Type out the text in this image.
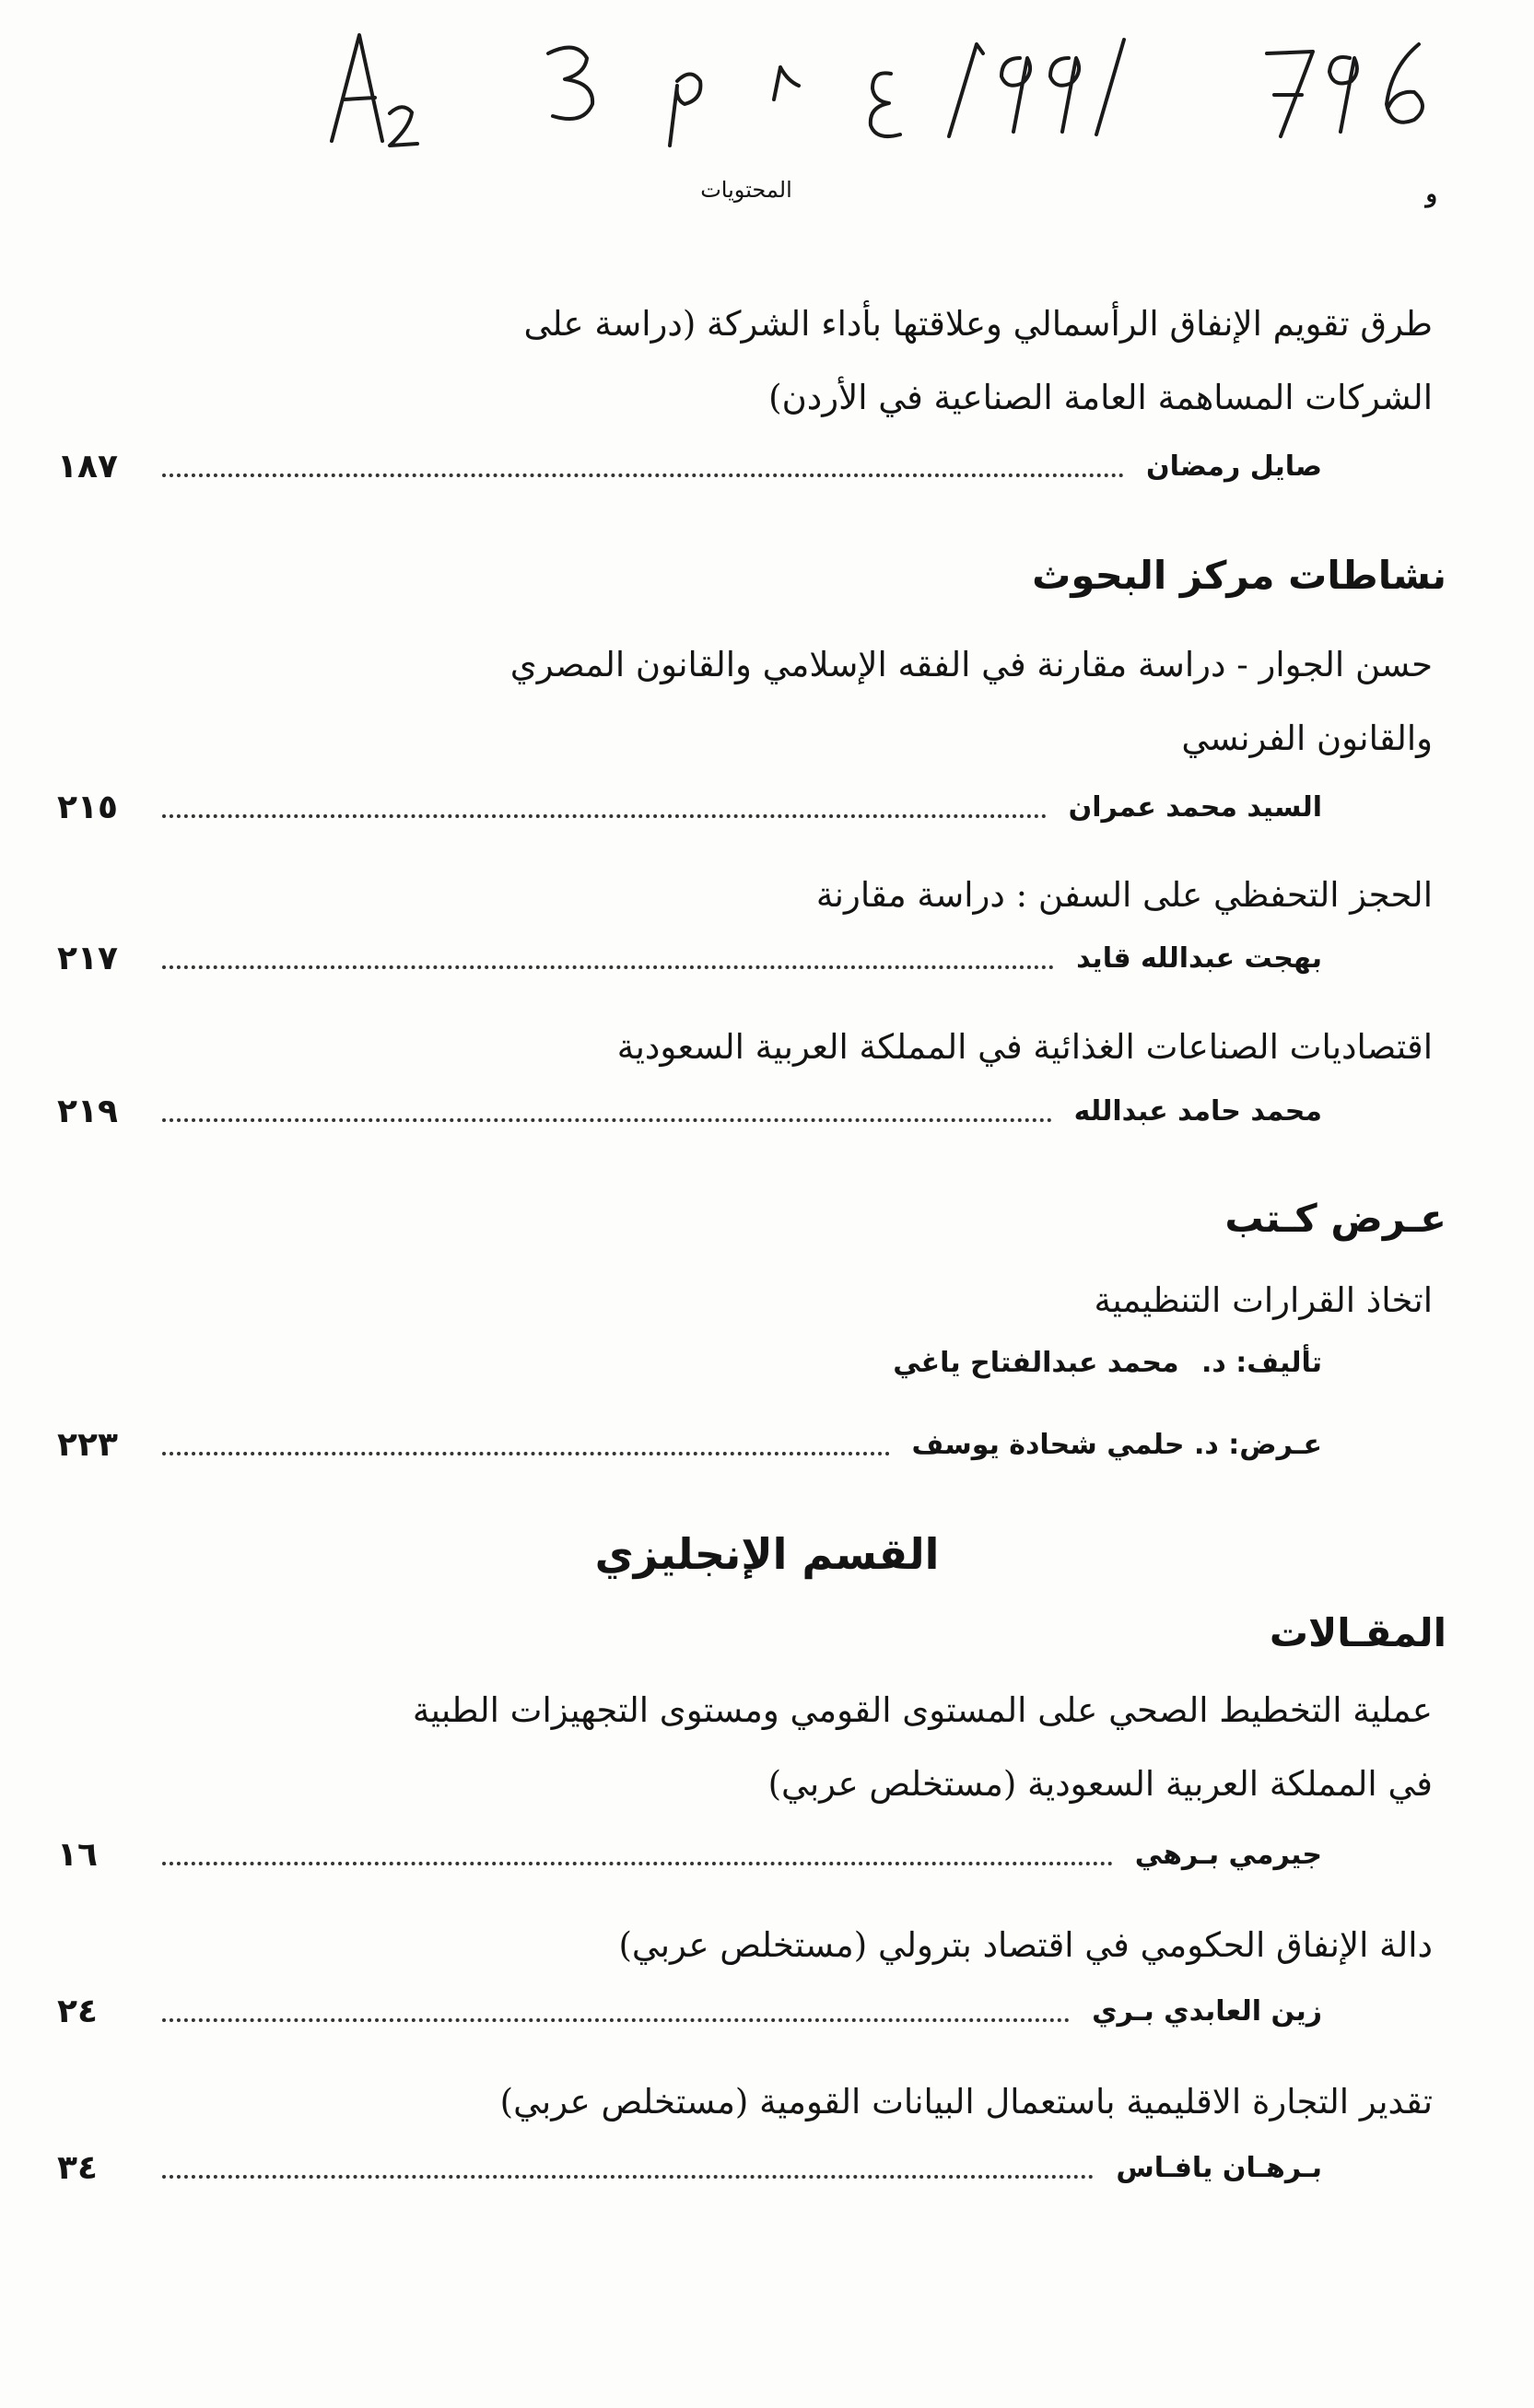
المحتويات	و
طرق تقويم الإنفاق الرأسمالي وعلاقتها بأداء الشركة (دراسة على
الشركات المساهمة العامة الصناعية في الأردن)
صايل رمضان
١٨٧
نشاطات مركز البحوث
حسن الجوار - دراسة مقارنة في الفقه الإسلامي والقانون المصري
والقانون الفرنسي
السيد محمد عمران
٢١٥
الحجز التحفظي على السفن : دراسة مقارنة
بهجت عبدالله قايد
٢١٧
اقتصاديات الصناعات الغذائية في المملكة العربية السعودية
محمد حامد عبدالله
٢١٩
عـرض كـتب
اتخاذ القرارات التنظيمية
تأليف: د. محمد عبدالفتاح ياغي
عـرض: د. حلمي شحادة يوسف
٢٢٣
القسم الإنجليزي
المقـالات
عملية التخطيط الصحي على المستوى القومي ومستوى التجهيزات الطبية
في المملكة العربية السعودية (مستخلص عربي)
جيرمي بـرهي
١٦
دالة الإنفاق الحكومي في اقتصاد بترولي (مستخلص عربي)
زين العابدي بـري
٢٤
تقدير التجارة الاقليمية باستعمال البيانات القومية (مستخلص عربي)
بـرهـان يافـاس
٣٤
